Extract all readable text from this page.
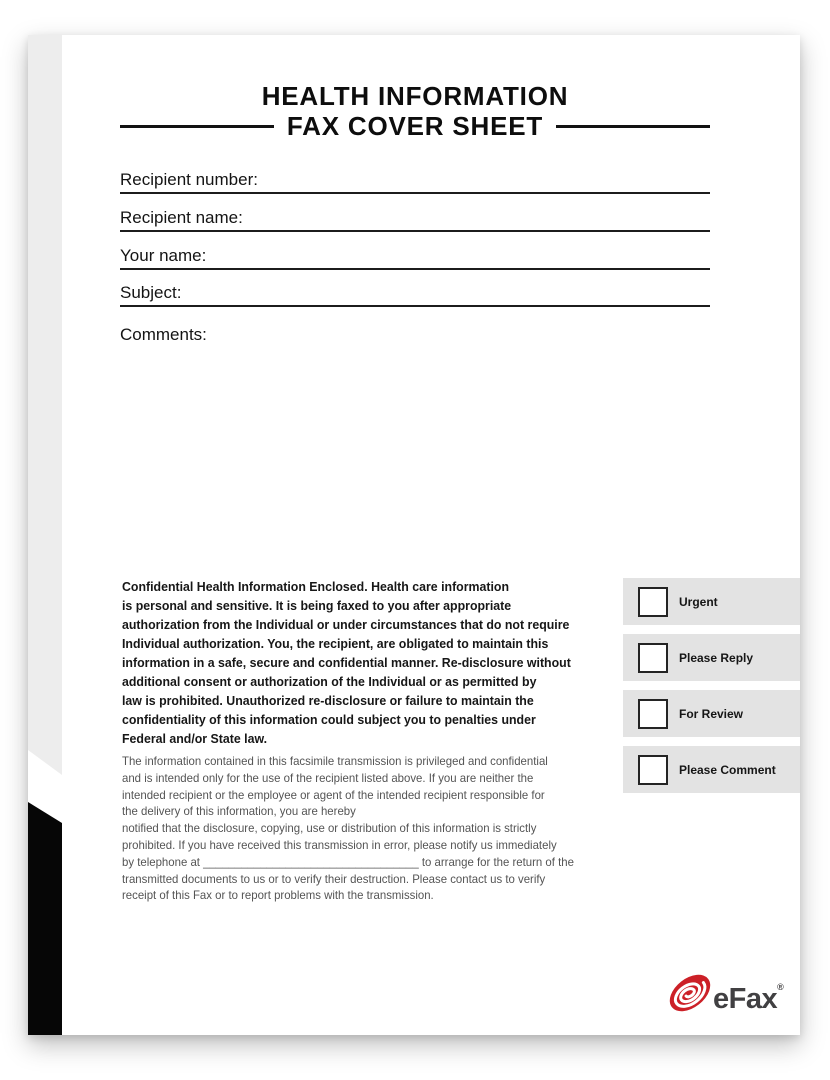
HEALTH INFORMATION
FAX COVER SHEET
Recipient number:
Recipient name:
Your name:
Subject:
Comments:
Confidential Health Information Enclosed. Health care information
is personal and sensitive. It is being faxed to you after appropriate
authorization from the Individual or under circumstances that do not require
Individual authorization. You, the recipient, are obligated to maintain this
information in a safe, secure and confidential manner. Re-disclosure without
additional consent or authorization of the Individual or as permitted by
law is prohibited. Unauthorized re-disclosure or failure to maintain the
confidentiality of this information could subject you to penalties under
Federal and/or State law.
The information contained in this facsimile transmission is privileged and confidential
and is intended only for the use of the recipient listed above. If you are neither the
intended recipient or the employee or agent of the intended recipient responsible for
the delivery of this information, you are hereby
notified that the disclosure, copying, use or distribution of this information is strictly
prohibited. If you have received this transmission in error, please notify us immediately
by telephone at __________________________________ to arrange for the return of the
transmitted documents to us or to verify their destruction. Please contact us to verify
receipt of this Fax or to report problems with the transmission.
Urgent
Please Reply
For Review
Please Comment
eFax®
